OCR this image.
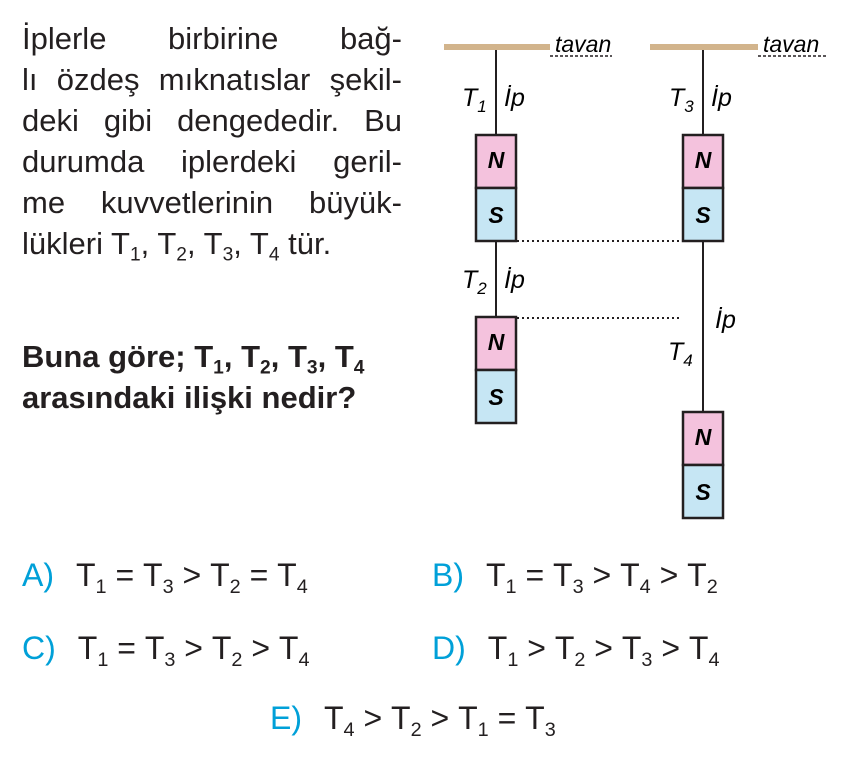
İplerle birbirine bağ-
lı özdeş mıknatıslar şekil-
deki gibi dengededir. Bu
durumda iplerdeki geril-
me kuvvetlerinin büyük-
lükleri $T_1$, $T_2$, $T_3$, $T_4$ tür.

Buna göre; $T_1$, $T_2$, $T_3$, $T_4$
arasındaki ilişki nedir?

tavan	tavan
$T_1$ İp	$T_3$ İp
$T_2$ İp
İp
$T_4$
N
S
N
S
N
S
N
S
A) $T_1 = T_3 > T_2 = T_4$	B) $T_1 = T_3 > T_4 > T_2$
C) $T_1 = T_3 > T_2 > T_4$	D) $T_1 > T_2 > T_3 > T_4$
E) $T_4 > T_2 > T_1 = T_3$
